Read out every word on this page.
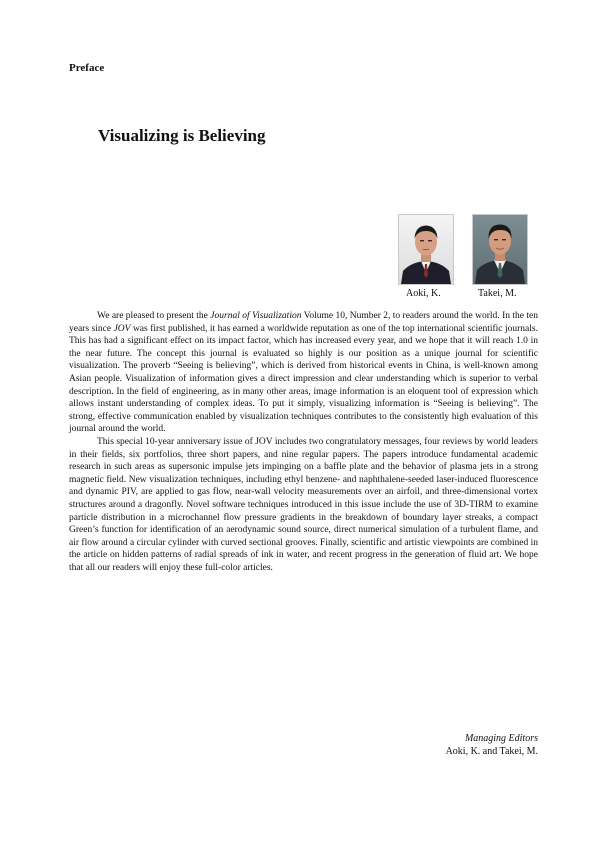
Preface
Visualizing is Believing
Aoki, K.	Takei, M.

We are pleased to present the Journal of Visualization Volume 10, Number 2, to readers around the world. In the ten years since JOV was first published, it has earned a worldwide reputation as one of the top international scientific journals. This has had a significant effect on its impact factor, which has increased every year, and we hope that it will reach 1.0 in the near future. The concept this journal is evaluated so highly is our position as a unique journal for scientific visualization. The proverb “Seeing is believing”, which is derived from historical events in China, is well-known among Asian people. Visualization of information gives a direct impression and clear understanding which is superior to verbal description. In the field of engineering, as in many other areas, image information is an eloquent tool of expression which allows instant understanding of complex ideas. To put it simply, visualizing information is “Seeing is believing”. The strong, effective communication enabled by visualization techniques contributes to the consistently high evaluation of this journal around the world.

This special 10-year anniversary issue of JOV includes two congratulatory messages, four reviews by world leaders in their fields, six portfolios, three short papers, and nine regular papers. The papers introduce fundamental academic research in such areas as supersonic impulse jets impinging on a baffle plate and the behavior of plasma jets in a strong magnetic field. New visualization techniques, including ethyl benzene- and naphthalene-seeded laser-induced fluorescence and dynamic PIV, are applied to gas flow, near-wall velocity measurements over an airfoil, and three-dimensional vortex structures around a dragonfly. Novel software techniques introduced in this issue include the use of 3D-TIRM to examine particle distribution in a microchannel flow pressure gradients in the breakdown of boundary layer streaks, a compact Green’s function for identification of an aerodynamic sound source, direct numerical simulation of a turbulent flame, and air flow around a circular cylinder with curved sectional grooves. Finally, scientific and artistic viewpoints are combined in the article on hidden patterns of radial spreads of ink in water, and recent progress in the generation of fluid art. We hope that all our readers will enjoy these full-color articles.

Managing Editors
Aoki, K. and Takei, M.
